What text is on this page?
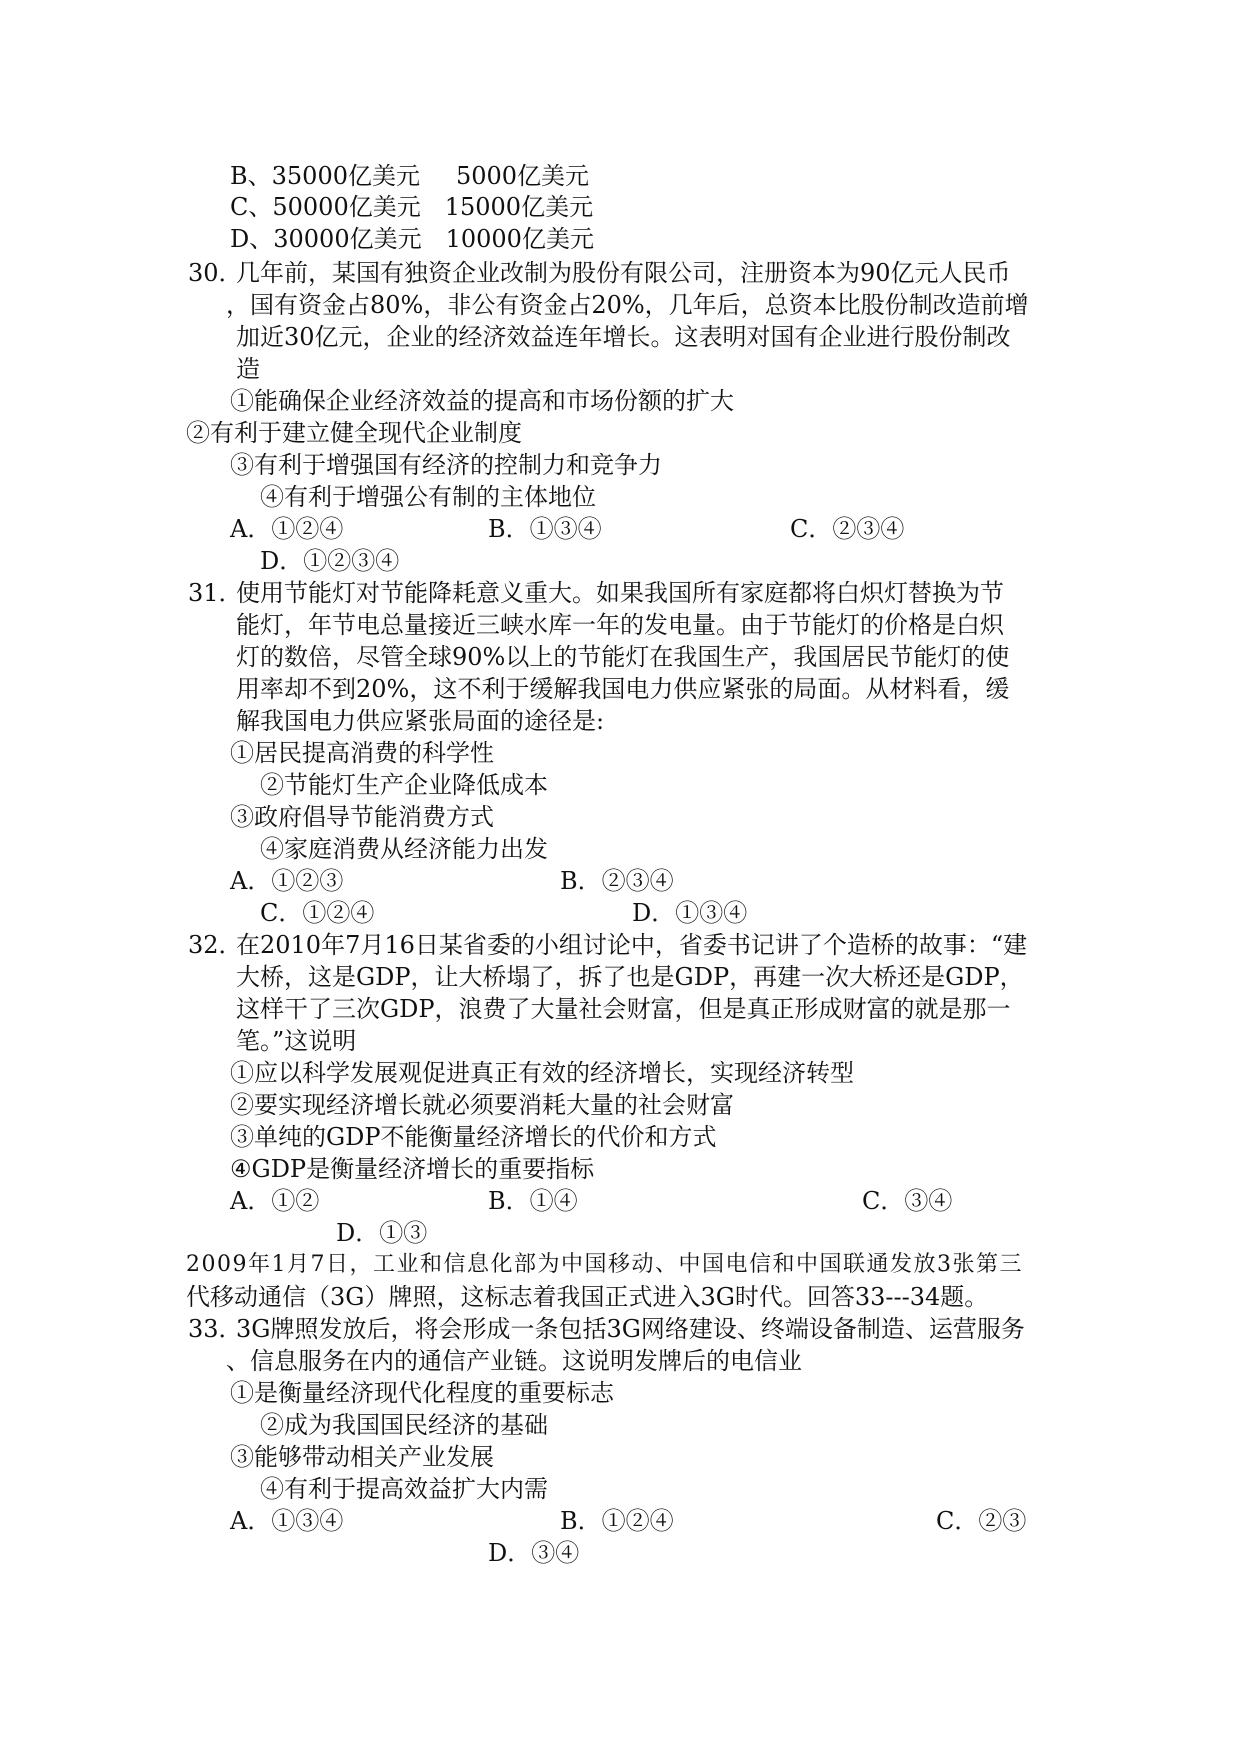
B、35000亿美元 5000亿美元
C、50000亿美元 15000亿美元
D、30000亿美元 10000亿美元
30．
几年前，某国有独资企业改制为股份有限公司，注册资本为90亿元人民币
，国有资金占80%，非公有资金占20%，几年后，总资本比股份制改造前增
加近30亿元，企业的经济效益连年增长。这表明对国有企业进行股份制改
造
①能确保企业经济效益的提高和市场份额的扩大
②有利于建立健全现代企业制度
③有利于增强国有经济的控制力和竞争力
④有利于增强公有制的主体地位
A．①②④	B．①③④	C．②③④
D．①②③④
31．
使用节能灯对节能降耗意义重大。如果我国所有家庭都将白炽灯替换为节
能灯，年节电总量接近三峡水库一年的发电量。由于节能灯的价格是白炽
灯的数倍，尽管全球90%以上的节能灯在我国生产，我国居民节能灯的使
用率却不到20%，这不利于缓解我国电力供应紧张的局面。从材料看，缓
解我国电力供应紧张局面的途径是:
①居民提高消费的科学性
②节能灯生产企业降低成本
③政府倡导节能消费方式
④家庭消费从经济能力出发
A．①②③	B．②③④
C．①②④	D．①③④
32．
在2010年7月16日某省委的小组讨论中，省委书记讲了个造桥的故事：“建
大桥，这是GDP，让大桥塌了，拆了也是GDP，再建一次大桥还是GDP，
这样干了三次GDP，浪费了大量社会财富，但是真正形成财富的就是那一
笔。”这说明
①应以科学发展观促进真正有效的经济增长，实现经济转型
②要实现经济增长就必须要消耗大量的社会财富
③单纯的GDP不能衡量经济增长的代价和方式
④GDP是衡量经济增长的重要指标
A．①②	B．①④	C．③④
D．①③
2009年1月7日，工业和信息化部为中国移动、中国电信和中国联通发放3张第三
代移动通信（3G）牌照，这标志着我国正式进入3G时代。回答33---34题。
33．
3G牌照发放后，将会形成一条包括3G网络建设、终端设备制造、运营服务
、信息服务在内的通信产业链。这说明发牌后的电信业
①是衡量经济现代化程度的重要标志
②成为我国国民经济的基础
③能够带动相关产业发展
④有利于提高效益扩大内需
A．①③④	B．①②④	C．②③
D．③④
